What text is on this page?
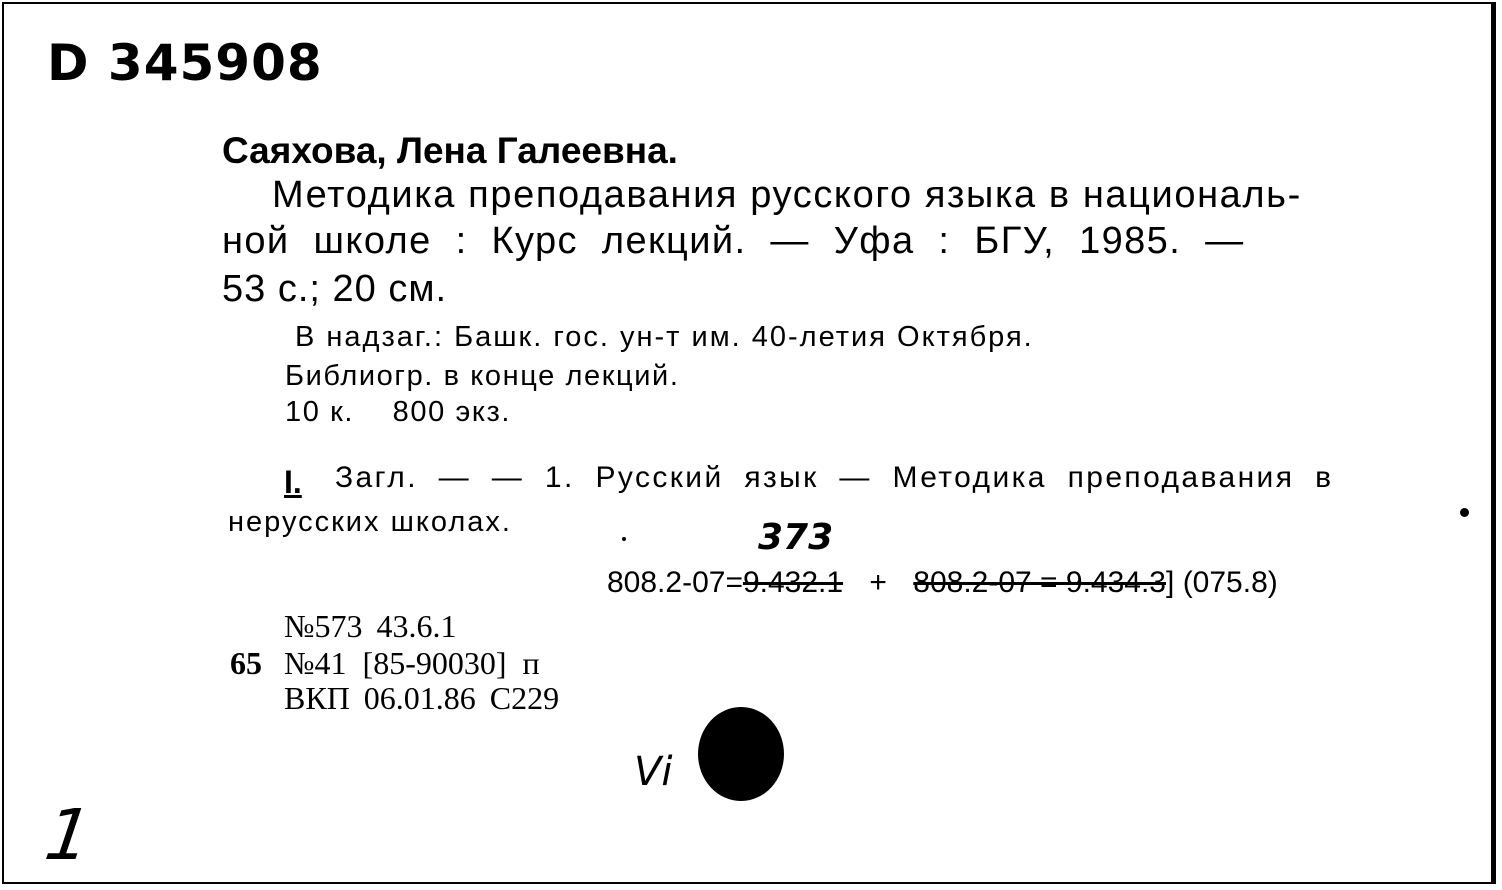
D 345908
Саяхова, Лена Галеевна.
Методика преподавания русского языка в националь-
ной школе : Курс лекций. — Уфа : БГУ, 1985. —
53 с.; 20 см.
В надзаг.: Башк. гос. ун-т им. 40-летия Октября.
Библиогр. в конце лекций.
10 к.    800 экз.
I. Загл. — — 1. Русский язык — Методика преподавания в
нерусских школах.	373
808.2-07=9.432.1 + 808.2-07 = 9.434.3] (075.8)
№573 43.6.1
65 №41 [85-90030] п
ВКП 06.01.86 С229
Vi
1
